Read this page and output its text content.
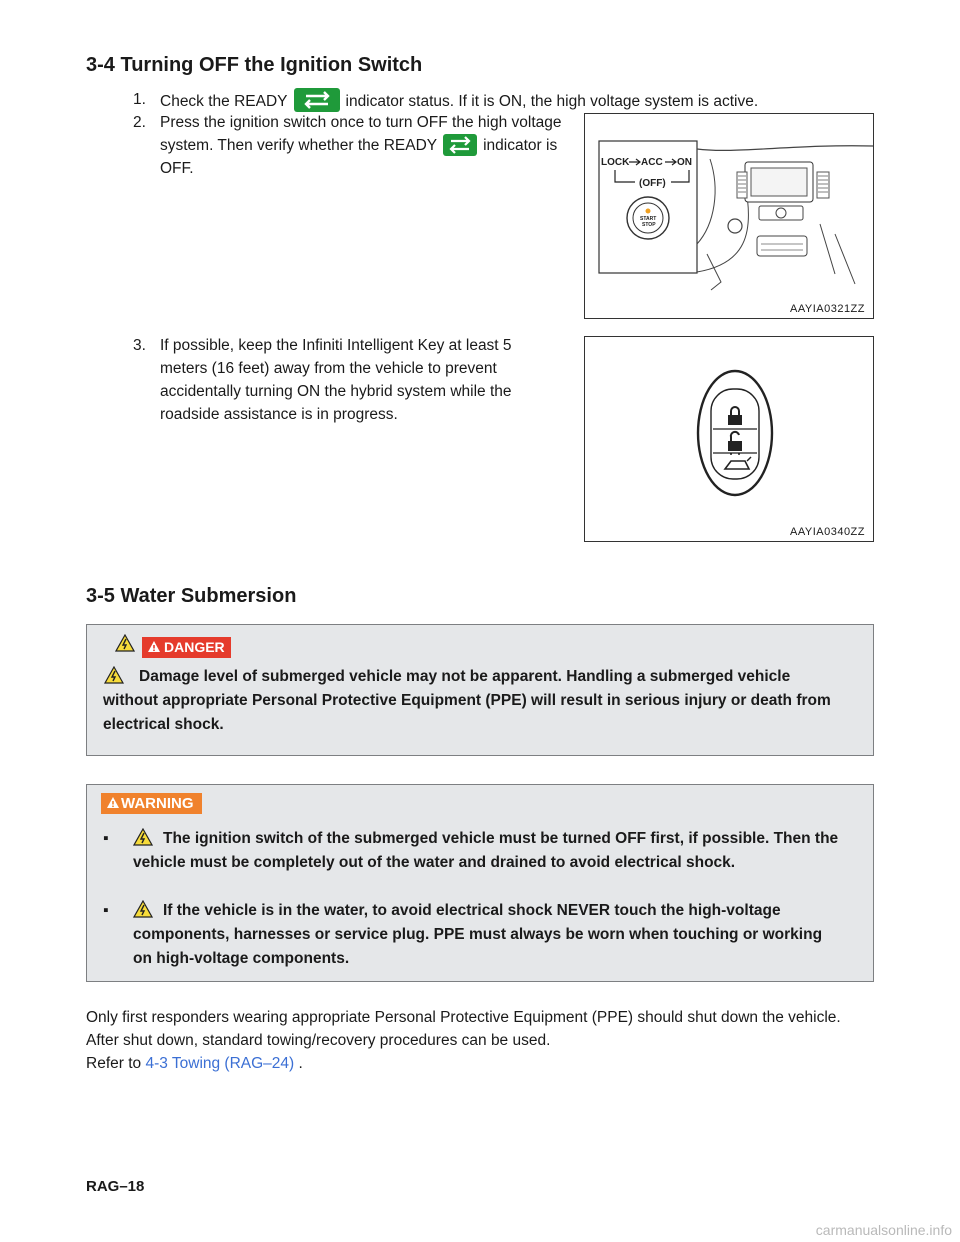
3-4 Turning OFF the Ignition Switch
1. Check the READY	indicator status. If it is ON, the high voltage system is active.
2. Press the ignition switch once to turn OFF the high voltage system. Then verify whether the READY	indicator is OFF.	LOCK ACC ON
(OFF)
START
STOP
AAYIA0321ZZ
3. If possible, keep the Infiniti Intelligent Key at least 5 meters (16 feet) away from the vehicle to prevent accidentally turning ON the hybrid system while the roadside assistance is in progress.
AAYIA0340ZZ
3-5 Water Submersion
DANGER
Damage level of submerged vehicle may not be apparent. Handling a submerged vehicle without appropriate Personal Protective Equipment (PPE) will result in serious injury or death from electrical shock.
WARNING
▪	The ignition switch of the submerged vehicle must be turned OFF first, if possible. Then the vehicle must be completely out of the water and drained to avoid electrical shock.
▪	If the vehicle is in the water, to avoid electrical shock NEVER touch the high-voltage components, harnesses or service plug. PPE must always be worn when touching or working on high-voltage components.
Only first responders wearing appropriate Personal Protective Equipment (PPE) should shut down the vehicle. After shut down, standard towing/recovery procedures can be used.
Refer to 4-3 Towing (RAG–24) .
RAG–18
carmanualsonline.info
